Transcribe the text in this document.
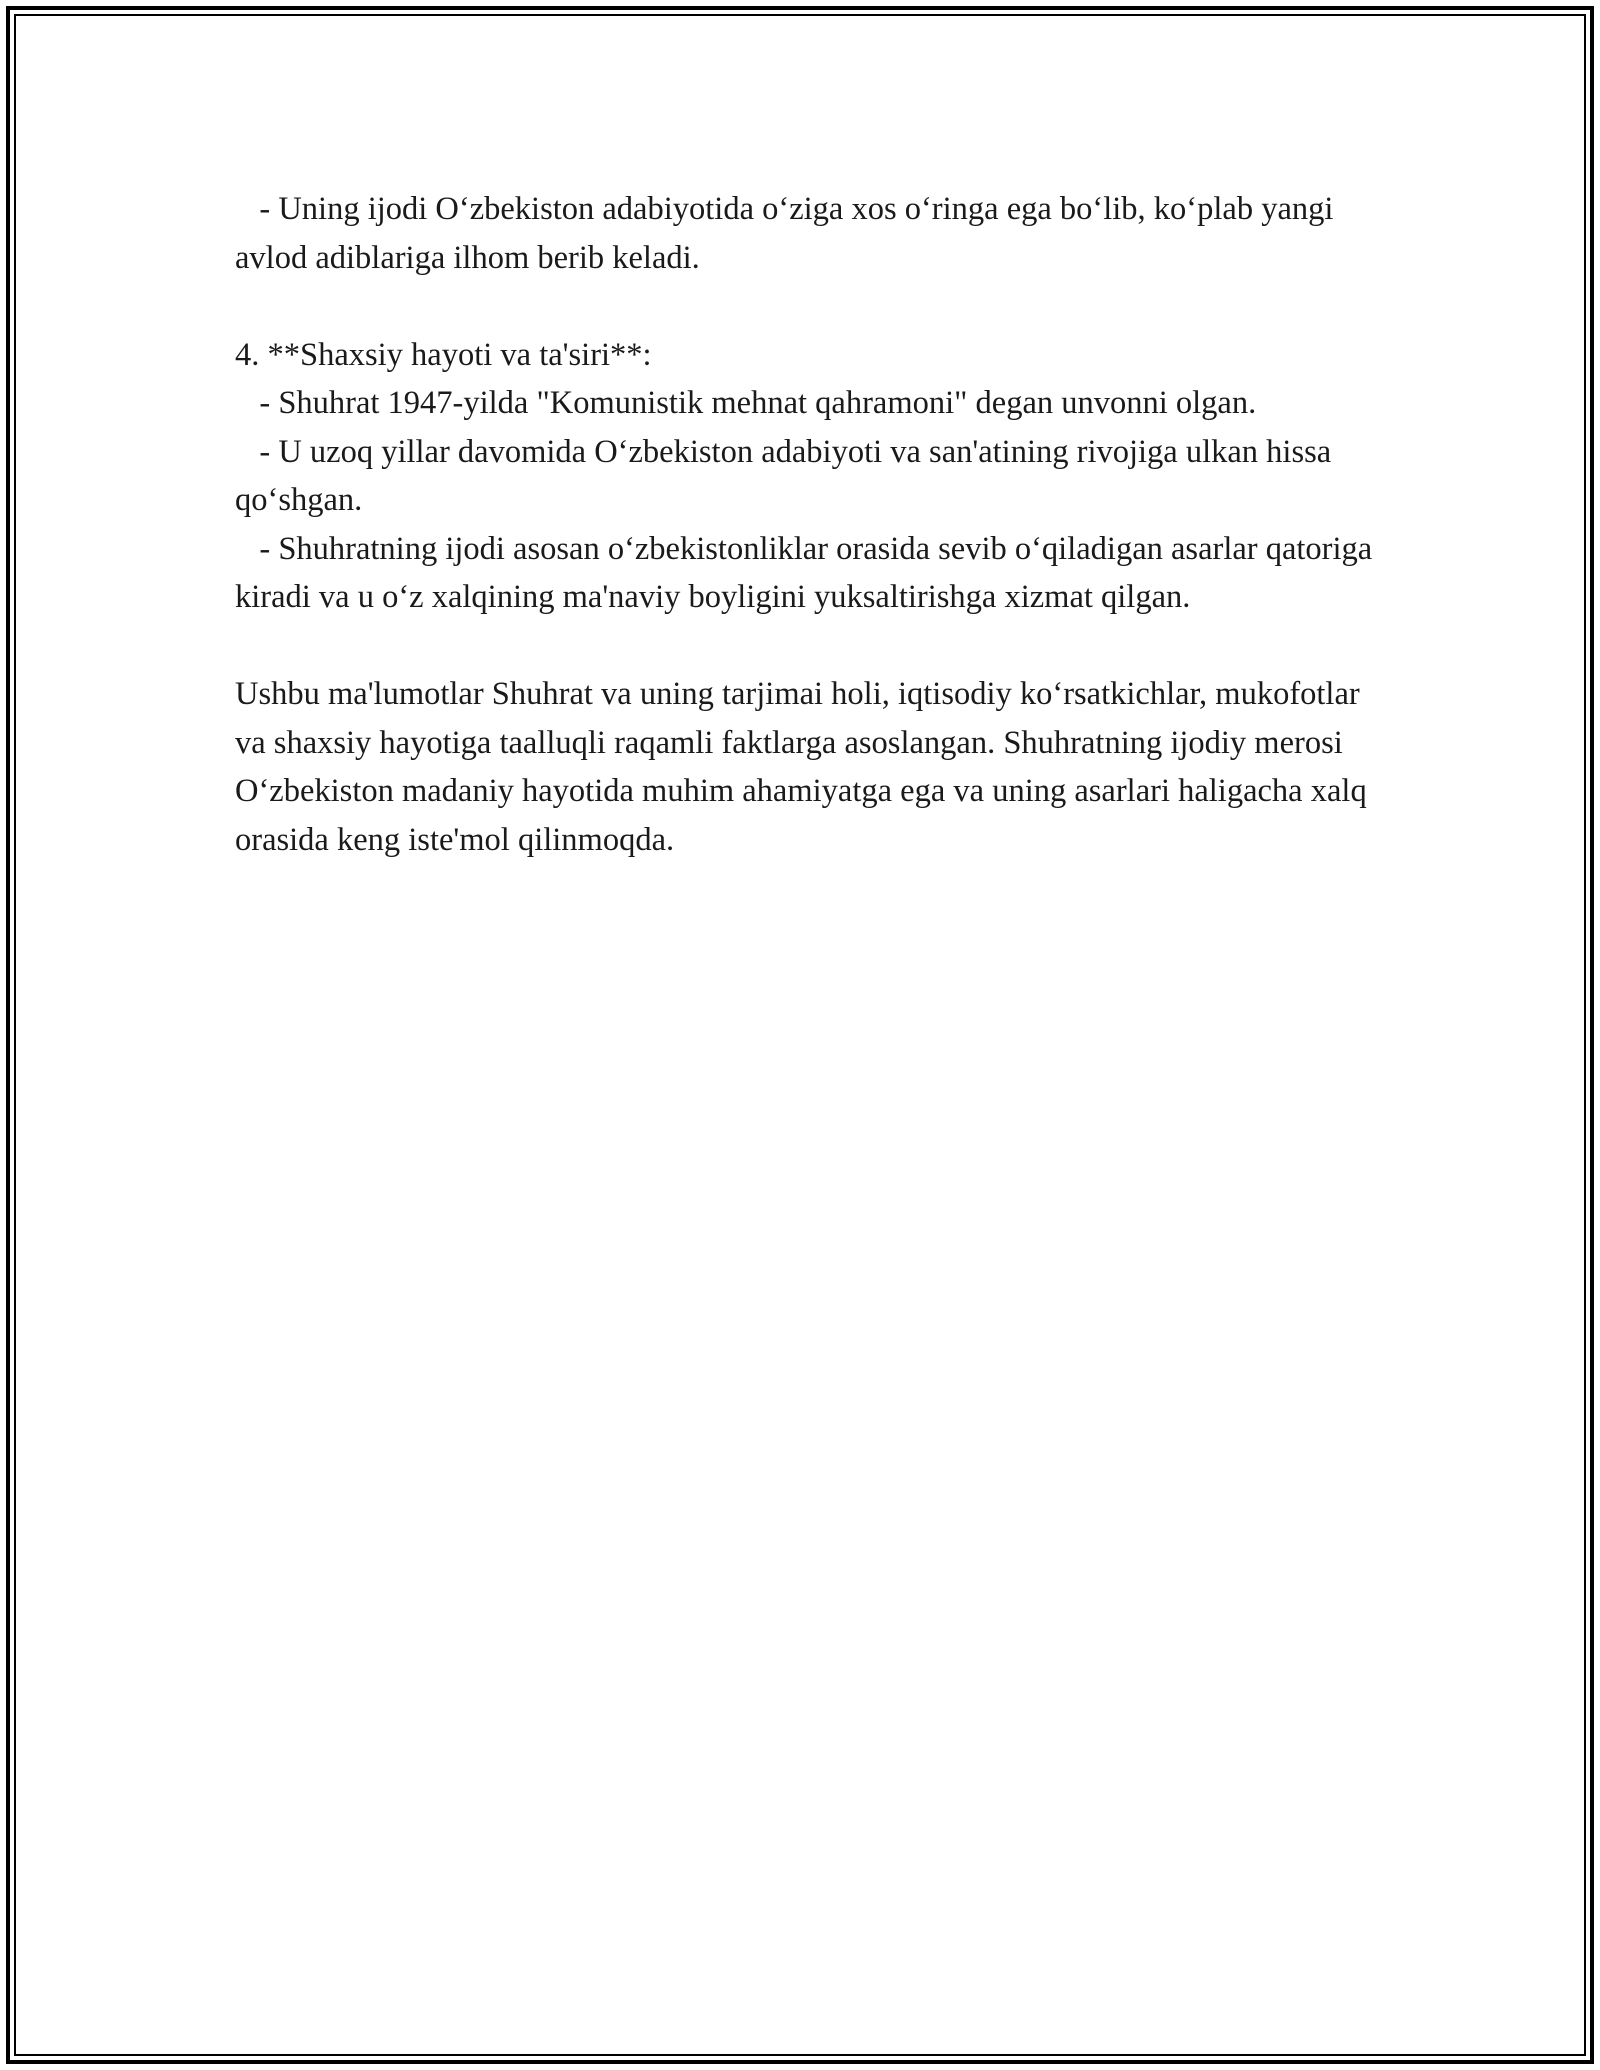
- Uning ijodi O‘zbekiston adabiyotida o‘ziga xos o‘ringa ega bo‘lib, ko‘plab yangi avlod adiblariga ilhom berib keladi.

4. **Shaxsiy hayoti va ta'siri**:

- Shuhrat 1947-yilda "Komunistik mehnat qahramoni" degan unvonni olgan.

- U uzoq yillar davomida O‘zbekiston adabiyoti va san'atining rivojiga ulkan hissa qo‘shgan.

- Shuhratning ijodi asosan o‘zbekistonliklar orasida sevib o‘qiladigan asarlar qatoriga kiradi va u o‘z xalqining ma'naviy boyligini yuksaltirishga xizmat qilgan.

Ushbu ma'lumotlar Shuhrat va uning tarjimai holi, iqtisodiy ko‘rsatkichlar, mukofotlar va shaxsiy hayotiga taalluqli raqamli faktlarga asoslangan. Shuhratning ijodiy merosi O‘zbekiston madaniy hayotida muhim ahamiyatga ega va uning asarlari haligacha xalq orasida keng iste'mol qilinmoqda.
